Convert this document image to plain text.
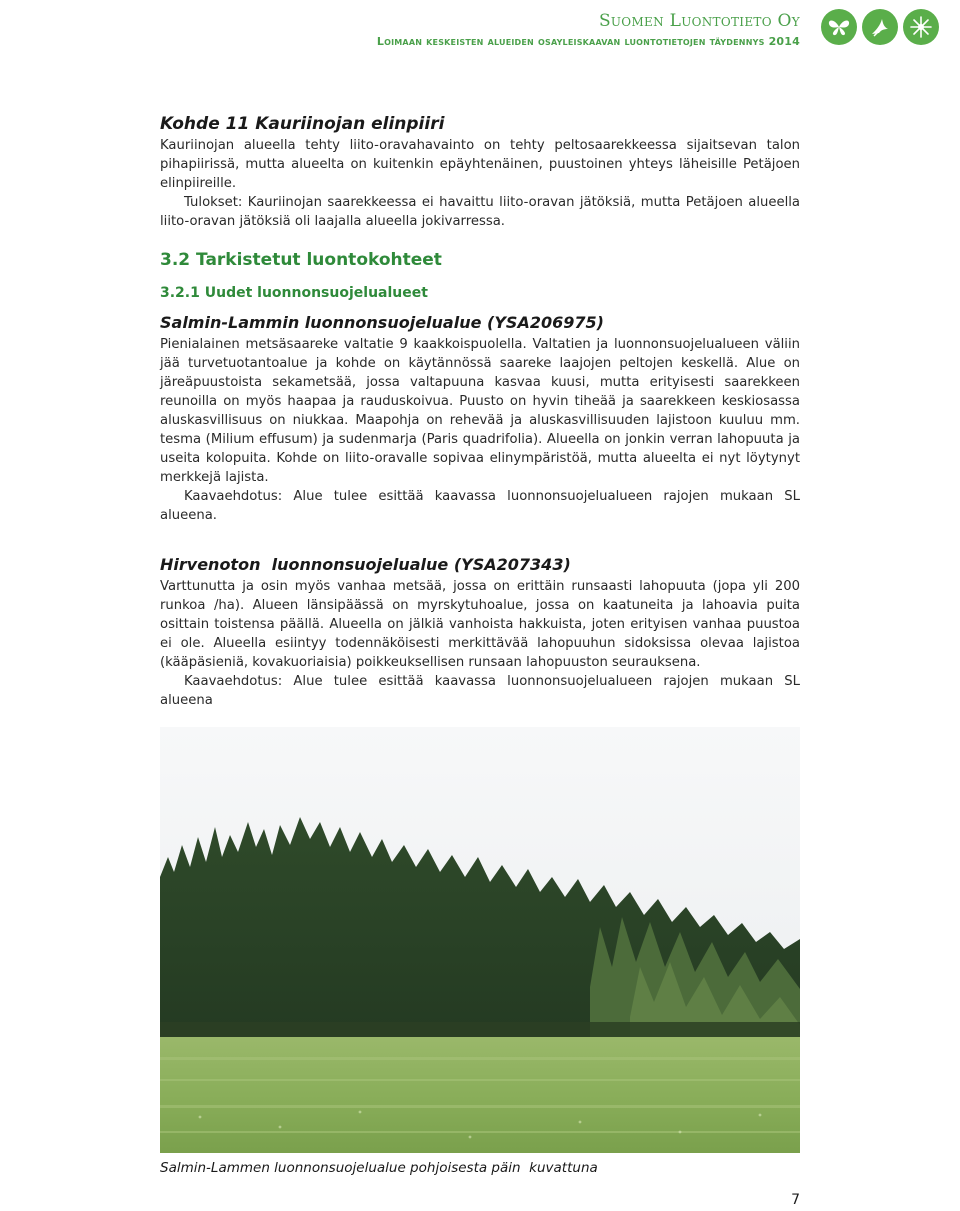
Suomen Luontotieto Oy
Loimaan keskeisten alueiden osayleiskaavan luontotietojen täydennys 2014
Kohde 11 Kauriinojan elinpiiri

Kauriinojan alueella tehty liito-oravahavainto on tehty peltosaarekkeessa sijaitsevan talon pihapiirissä, mutta alueelta on kuitenkin epäyhtenäinen, puustoinen yhteys läheisille Petäjoen elinpiireille.

Tulokset: Kauriinojan saarekkeessa ei havaittu liito-oravan jätöksiä, mutta Petäjoen alueella liito-oravan jätöksiä oli laajalla alueella jokivarressa.

3.2 Tarkistetut luontokohteet
3.2.1 Uudet luonnonsuojelualueet
Salmin-Lammin luonnonsuojelualue (YSA206975)

Pienialainen metsäsaareke valtatie 9 kaakkoispuolella. Valtatien ja luonnonsuojelualueen väliin jää turvetuotantoalue ja kohde on käytännössä saareke laajojen peltojen keskellä. Alue on järeäpuustoista sekametsää, jossa valtapuuna kasvaa kuusi, mutta erityisesti saarekkeen reunoilla on myös haapaa ja rauduskoivua. Puusto on hyvin tiheää ja saarekkeen keskiosassa aluskasvillisuus on niukkaa. Maapohja on rehevää ja aluskasvillisuuden lajistoon kuuluu mm. tesma (Milium effusum) ja sudenmarja (Paris quadrifolia). Alueella on jonkin verran lahopuuta ja useita kolopuita. Kohde on liito-oravalle sopivaa elinympäristöä, mutta alueelta ei nyt löytynyt merkkejä lajista.

Kaavaehdotus: Alue tulee esittää kaavassa luonnonsuojelualueen rajojen mukaan SL alueena.

Hirvenoton  luonnonsuojelualue (YSA207343)

Varttunutta ja osin myös vanhaa metsää, jossa on erittäin runsaasti lahopuuta (jopa yli 200 runkoa /ha). Alueen länsipäässä on myrskytuhoalue, jossa on kaatuneita ja lahoavia puita osittain toistensa päällä. Alueella on jälkiä vanhoista hakkuista, joten erityisen vanhaa puustoa ei ole. Alueella esiintyy todennäköisesti merkittävää lahopuuhun sidoksissa olevaa lajistoa (kääpäsieniä, kovakuoriaisia) poikkeuksellisen runsaan lahopuuston seurauksena.

Kaavaehdotus: Alue tulee esittää kaavassa luonnonsuojelualueen rajojen mukaan SL alueena

Salmin-Lammen luonnonsuojelualue pohjoisesta päin  kuvattuna
7
